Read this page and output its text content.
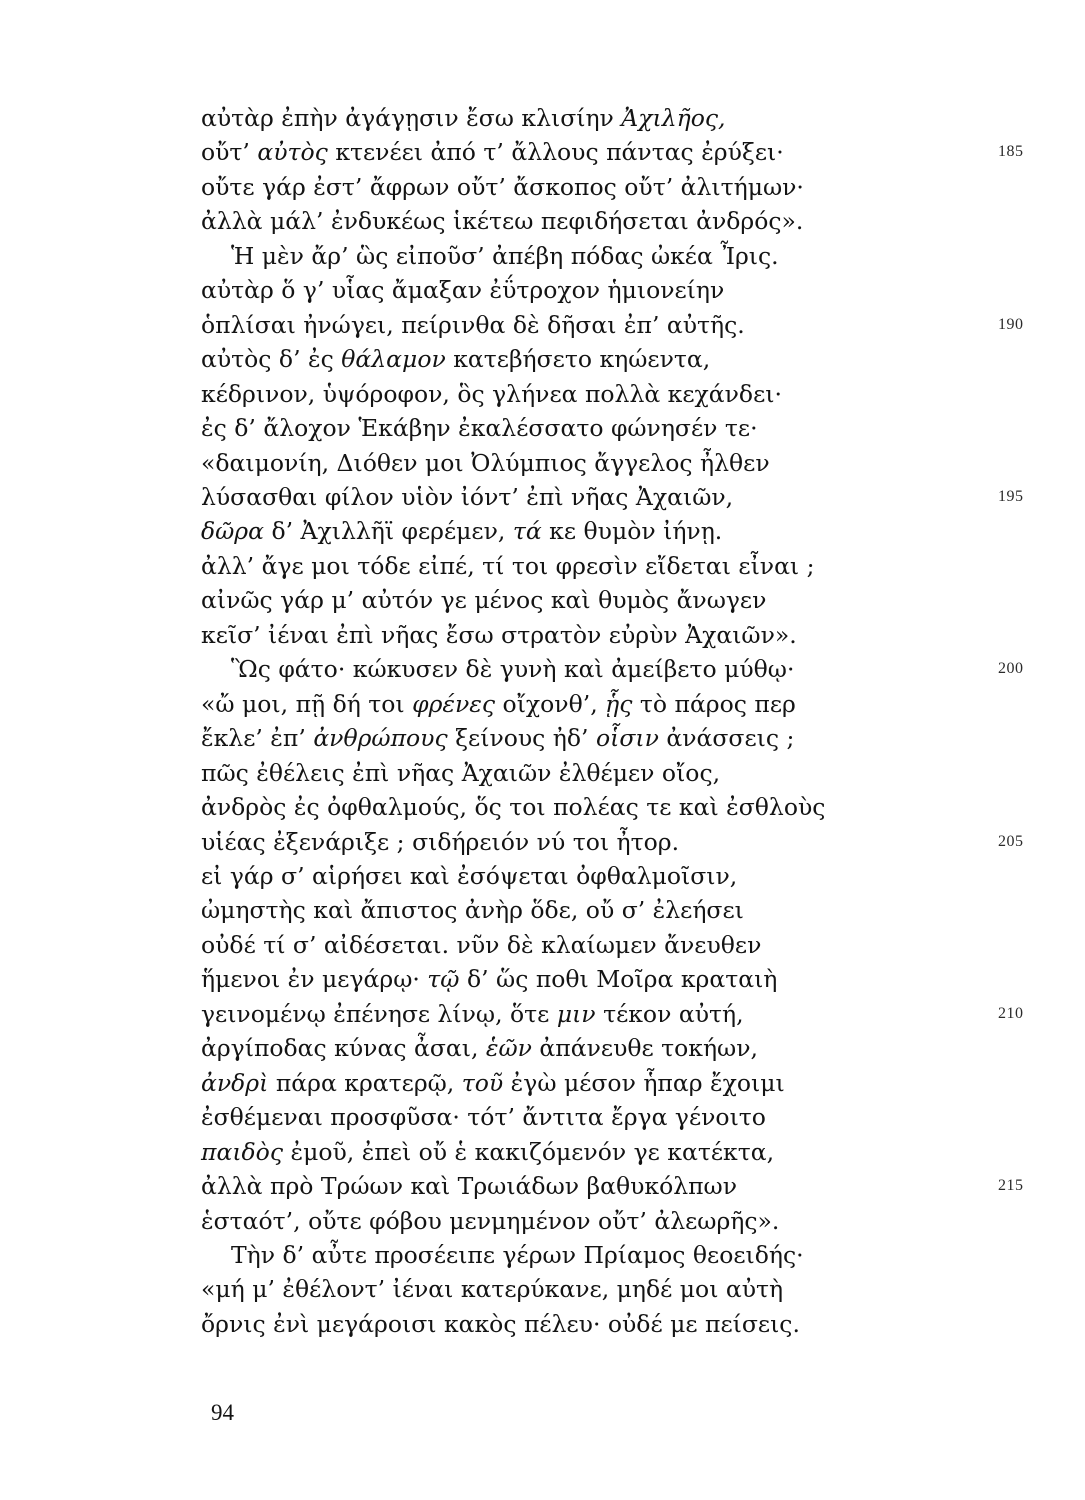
αὐτὰρ ἐπὴν ἀγάγῃσιν ἔσω κλισίην Ἀχιλῆος,
οὔτ’ αὐτὸς κτενέει ἀπό τ’ ἄλλους πάντας ἐρύξει·	185
οὔτε γάρ ἐστ’ ἄφρων οὔτ’ ἄσκοπος οὔτ’ ἀλιτήμων·
ἀλλὰ μάλ’ ἐνδυκέως ἱκέτεω πεφιδήσεται ἀνδρός».
Ἡ μὲν ἄρ’ ὣς εἰποῦσ’ ἀπέβη πόδας ὠκέα Ἶρις.
αὐτὰρ ὅ γ’ υἷας ἄμαξαν ἐΰτροχον ἡμιονείην
ὁπλίσαι ἠνώγει, πείρινθα δὲ δῆσαι ἐπ’ αὐτῆς.	190
αὐτὸς δ’ ἐς θάλαμον κατεβήσετο κηώεντα,
κέδρινον, ὑψόροφον, ὃς γλήνεα πολλὰ κεχάνδει·
ἐς δ’ ἄλοχον Ἑκάβην ἐκαλέσσατο φώνησέν τε·
«δαιμονίη, Διόθεν μοι Ὀλύμπιος ἄγγελος ἦλθεν
λύσασθαι φίλον υἱὸν ἰόντ’ ἐπὶ νῆας Ἀχαιῶν,	195
δῶρα δ’ Ἀχιλλῆϊ φερέμεν, τά κε θυμὸν ἰήνῃ.
ἀλλ’ ἄγε μοι τόδε εἰπέ, τί τοι φρεσὶν εἴδεται εἶναι ;
αἰνῶς γάρ μ’ αὐτόν γε μένος καὶ θυμὸς ἄνωγεν
κεῖσ’ ἰέναι ἐπὶ νῆας ἔσω στρατὸν εὐρὺν Ἀχαιῶν».
Ὣς φάτο· κώκυσεν δὲ γυνὴ καὶ ἀμείβετο μύθῳ·	200
«ὤ μοι, πῇ δή τοι φρένες οἴχονθ’, ᾗς τὸ πάρος περ
ἔκλε’ ἐπ’ ἀνθρώπους ξείνους ἠδ’ οἷσιν ἀνάσσεις ;
πῶς ἐθέλεις ἐπὶ νῆας Ἀχαιῶν ἐλθέμεν οἴος,
ἀνδρὸς ἐς ὀφθαλμούς, ὅς τοι πολέας τε καὶ ἐσθλοὺς
υἱέας ἐξενάριξε ; σιδήρειόν νύ τοι ἦτορ.	205
εἰ γάρ σ’ αἱρήσει καὶ ἐσόψεται ὀφθαλμοῖσιν,
ὠμηστὴς καὶ ἄπιστος ἀνὴρ ὅδε, οὔ σ’ ἐλεήσει
οὐδέ τί σ’ αἰδέσεται. νῦν δὲ κλαίωμεν ἄνευθεν
ἥμενοι ἐν μεγάρῳ· τῷ δ’ ὥς ποθι Μοῖρα κραταιὴ
γεινομένῳ ἐπένησε λίνῳ, ὅτε μιν τέκον αὐτή,	210
ἀργίποδας κύνας ἆσαι, ἑῶν ἀπάνευθε τοκήων,
ἀνδρὶ πάρα κρατερῷ, τοῦ ἐγὼ μέσον ἧπαρ ἔχοιμι
ἐσθέμεναι προσφῦσα· τότ’ ἄντιτα ἔργα γένοιτο
παιδὸς ἐμοῦ, ἐπεὶ οὔ ἑ κακιζόμενόν γε κατέκτα,
ἀλλὰ πρὸ Τρώων καὶ Τρωιάδων βαθυκόλπων	215
ἑσταότ’, οὔτε φόβου μενμημένον οὔτ’ ἀλεωρῆς».
Τὴν δ’ αὖτε προσέειπε γέρων Πρίαμος θεοειδής·
«μή μ’ ἐθέλοντ’ ἰέναι κατερύκανε, μηδέ μοι αὐτὴ
ὄρνις ἐνὶ μεγάροισι κακὸς πέλευ· οὐδέ με πείσεις.
94
